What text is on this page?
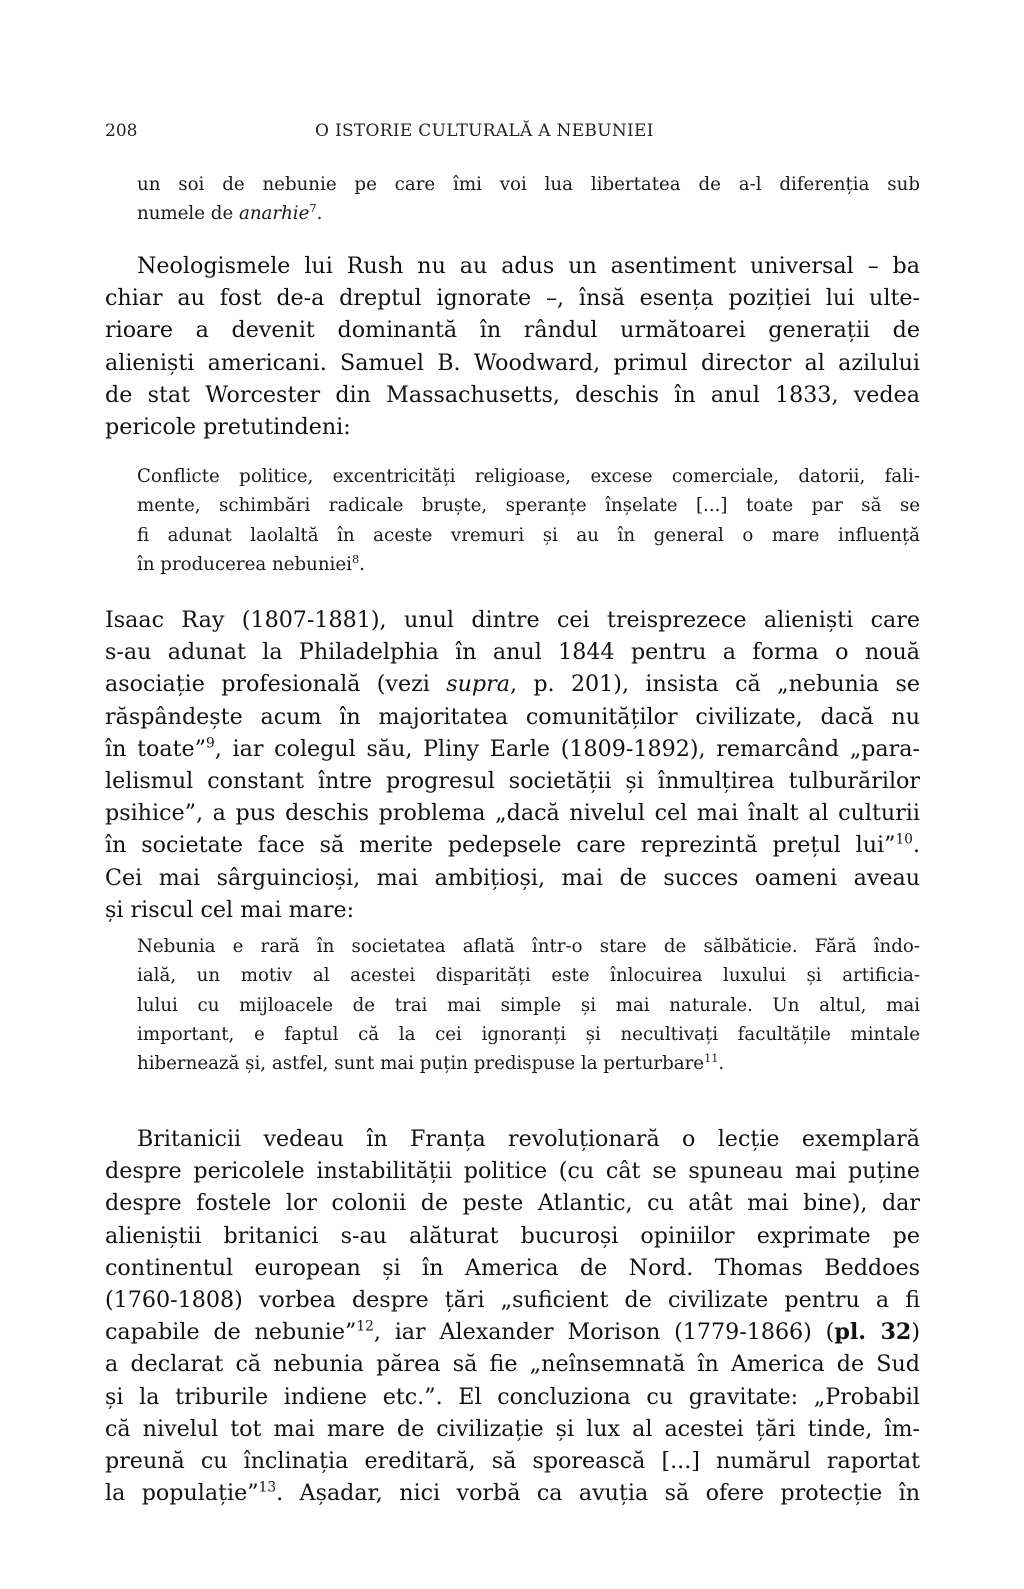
208	O ISTORIE CULTURALĂ A NEBUNIEI
un soi de nebunie pe care îmi voi lua libertatea de a-l diferenția sub
numele de anarhie$^7$.
Neologismele lui Rush nu au adus un asentiment universal – ba
chiar au fost de-a dreptul ignorate –, însă esența poziției lui ulte-
rioare a devenit dominantă în rândul următoarei generații de
alieniști americani. Samuel B. Woodward, primul director al azilului
de stat Worcester din Massachusetts, deschis în anul 1833, vedea
pericole pretutindeni:
Conflicte politice, excentricități religioase, excese comerciale, datorii, fali-
mente, schimbări radicale bruște, speranțe înșelate [...] toate par să se
fi adunat laolaltă în aceste vremuri și au în general o mare influență
în producerea nebuniei$^8$.
Isaac Ray (1807-1881), unul dintre cei treisprezece alieniști care
s-au adunat la Philadelphia în anul 1844 pentru a forma o nouă
asociație profesională (vezi supra, p. 201), insista că „nebunia se
răspândește acum în majoritatea comunităților civilizate, dacă nu
în toate”$^9$, iar colegul său, Pliny Earle (1809-1892), remarcând „para-
lelismul constant între progresul societății și înmulțirea tulburărilor
psihice”, a pus deschis problema „dacă nivelul cel mai înalt al culturii
în societate face să merite pedepsele care reprezintă prețul lui”$^{10}$.
Cei mai sârguincioși, mai ambițioși, mai de succes oameni aveau
și riscul cel mai mare:
Nebunia e rară în societatea aflată într-o stare de sălbăticie. Fără îndo-
ială, un motiv al acestei disparități este înlocuirea luxului și artificia-
lului cu mijloacele de trai mai simple și mai naturale. Un altul, mai
important, e faptul că la cei ignoranți și necultivați facultățile mintale
hibernează și, astfel, sunt mai puțin predispuse la perturbare$^{11}$.
Britanicii vedeau în Franța revoluționară o lecție exemplară
despre pericolele instabilității politice (cu cât se spuneau mai puține
despre fostele lor colonii de peste Atlantic, cu atât mai bine), dar
alieniștii britanici s-au alăturat bucuroși opiniilor exprimate pe
continentul european și în America de Nord. Thomas Beddoes
(1760-1808) vorbea despre țări „suficient de civilizate pentru a fi
capabile de nebunie”$^{12}$, iar Alexander Morison (1779-1866) (pl. 32)
a declarat că nebunia părea să fie „neînsemnată în America de Sud
și la triburile indiene etc.”. El concluziona cu gravitate: „Probabil
că nivelul tot mai mare de civilizație și lux al acestei țări tinde, îm-
preună cu înclinația ereditară, să sporească [...] numărul raportat
la populație”$^{13}$. Așadar, nici vorbă ca avuția să ofere protecție în
